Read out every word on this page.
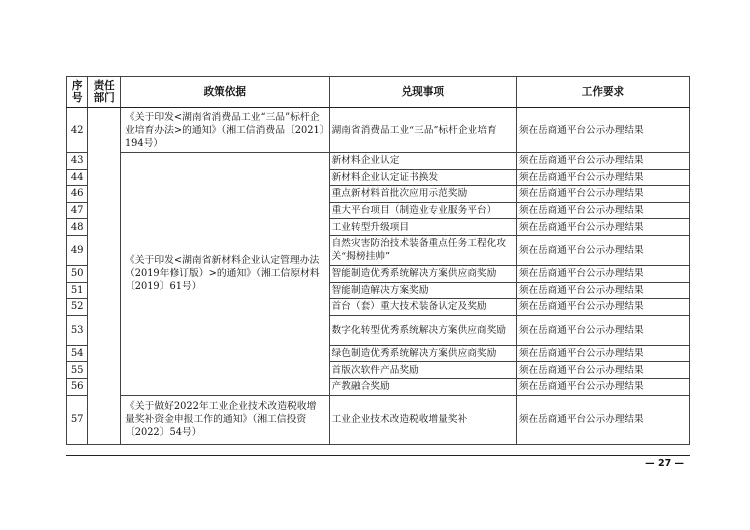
序号	责任部门	政策依据	兑现事项	工作要求
42		《关于印发<湖南省消费品工业“三品”标杆企业培育办法>的通知》（湘工信消费品〔2021〕194号）	湖南省消费品工业“三品”标杆企业培育	须在岳商通平台公示办理结果
43		《关于印发<湖南省新材料企业认定管理办法（2019年修订版）>的通知》（湘工信原材料〔2019〕61号）	新材料企业认定	须在岳商通平台公示办理结果
44			新材料企业认定证书换发	须在岳商通平台公示办理结果
46			重点新材料首批次应用示范奖励	须在岳商通平台公示办理结果
47			重大平台项目（制造业专业服务平台）	须在岳商通平台公示办理结果
48			工业转型升级项目	须在岳商通平台公示办理结果
49			自然灾害防治技术装备重点任务工程化攻关“揭榜挂帅”	须在岳商通平台公示办理结果
50			智能制造优秀系统解决方案供应商奖励	须在岳商通平台公示办理结果
51			智能制造解决方案奖励	须在岳商通平台公示办理结果
52			首台（套）重大技术装备认定及奖励	须在岳商通平台公示办理结果
53			数字化转型优秀系统解决方案供应商奖励	须在岳商通平台公示办理结果
54			绿色制造优秀系统解决方案供应商奖励	须在岳商通平台公示办理结果
55			首版次软件产品奖励	须在岳商通平台公示办理结果
56			产教融合奖励	须在岳商通平台公示办理结果
57		《关于做好2022年工业企业技术改造税收增量奖补资金申报工作的通知》（湘工信投资〔2022〕54号）	工业企业技术改造税收增量奖补	须在岳商通平台公示办理结果
— 27 —
